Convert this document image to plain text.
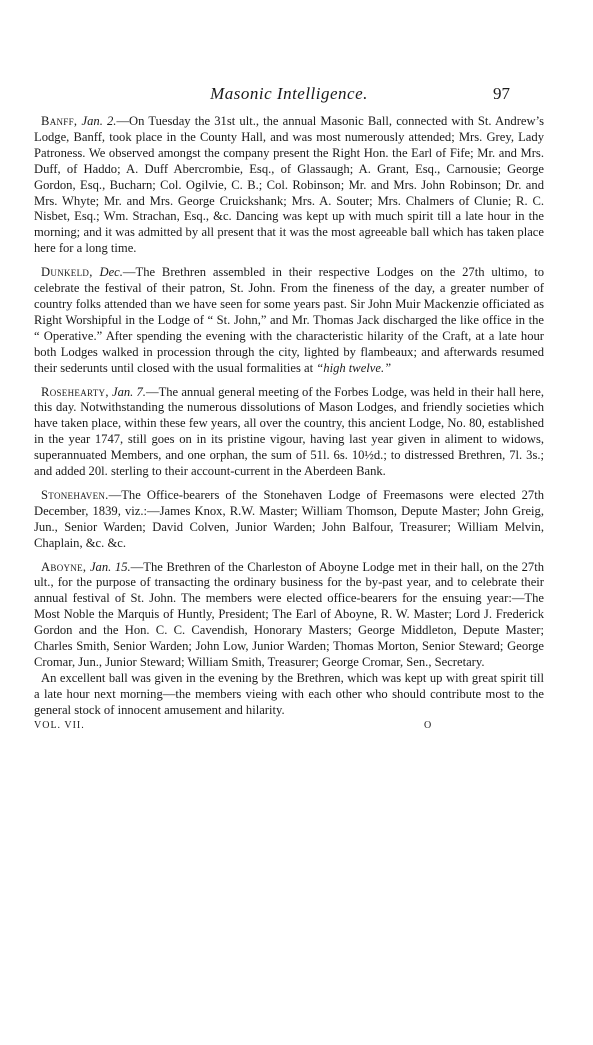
Masonic Intelligence.	97

Banff, Jan. 2.—On Tuesday the 31st ult., the annual Masonic Ball, connected with St. Andrew’s Lodge, Banff, took place in the County Hall, and was most numerously attended; Mrs. Grey, Lady Patroness. We observed amongst the company present the Right Hon. the Earl of Fife; Mr. and Mrs. Duff, of Haddo; A. Duff Abercrombie, Esq., of Glassaugh; A. Grant, Esq., Carnousie; George Gordon, Esq., Bucharn; Col. Ogilvie, C. B.; Col. Robinson; Mr. and Mrs. John Robinson; Dr. and Mrs. Whyte; Mr. and Mrs. George Cruickshank; Mrs. A. Souter; Mrs. Chalmers of Clunie; R. C. Nisbet, Esq.; Wm. Strachan, Esq., &c. Dancing was kept up with much spirit till a late hour in the morning; and it was admitted by all present that it was the most agreeable ball which has taken place here for a long time.

Dunkeld, Dec.—The Brethren assembled in their respective Lodges on the 27th ultimo, to celebrate the festival of their patron, St. John. From the fineness of the day, a greater number of country folks attended than we have seen for some years past. Sir John Muir Mackenzie officiated as Right Worshipful in the Lodge of “ St. John,” and Mr. Thomas Jack discharged the like office in the “ Operative.” After spending the evening with the characteristic hilarity of the Craft, at a late hour both Lodges walked in procession through the city, lighted by flambeaux; and afterwards resumed their sederunts until closed with the usual formalities at “high twelve.”

Rosehearty, Jan. 7.—The annual general meeting of the Forbes Lodge, was held in their hall here, this day. Notwithstanding the numerous dissolutions of Mason Lodges, and friendly societies which have taken place, within these few years, all over the country, this ancient Lodge, No. 80, established in the year 1747, still goes on in its pristine vigour, having last year given in aliment to widows, superannuated Members, and one orphan, the sum of 51l. 6s. 10½d.; to distressed Brethren, 7l. 3s.; and added 20l. sterling to their account-current in the Aberdeen Bank.

Stonehaven.—The Office-bearers of the Stonehaven Lodge of Freemasons were elected 27th December, 1839, viz.:—James Knox, R.W. Master; William Thomson, Depute Master; John Greig, Jun., Senior Warden; David Colven, Junior Warden; John Balfour, Treasurer; William Melvin, Chaplain, &c. &c.

Aboyne, Jan. 15.—The Brethren of the Charleston of Aboyne Lodge met in their hall, on the 27th ult., for the purpose of transacting the ordinary business for the by-past year, and to celebrate their annual festival of St. John. The members were elected office-bearers for the ensuing year:—The Most Noble the Marquis of Huntly, President; The Earl of Aboyne, R. W. Master; Lord J. Frederick Gordon and the Hon. C. C. Cavendish, Honorary Masters; George Middleton, Depute Master; Charles Smith, Senior Warden; John Low, Junior Warden; Thomas Morton, Senior Steward; George Cromar, Jun., Junior Steward; William Smith, Treasurer; George Cromar, Sen., Secretary.

An excellent ball was given in the evening by the Brethren, which was kept up with great spirit till a late hour next morning—the members vieing with each other who should contribute most to the general stock of innocent amusement and hilarity.

VOL. VII.	O
